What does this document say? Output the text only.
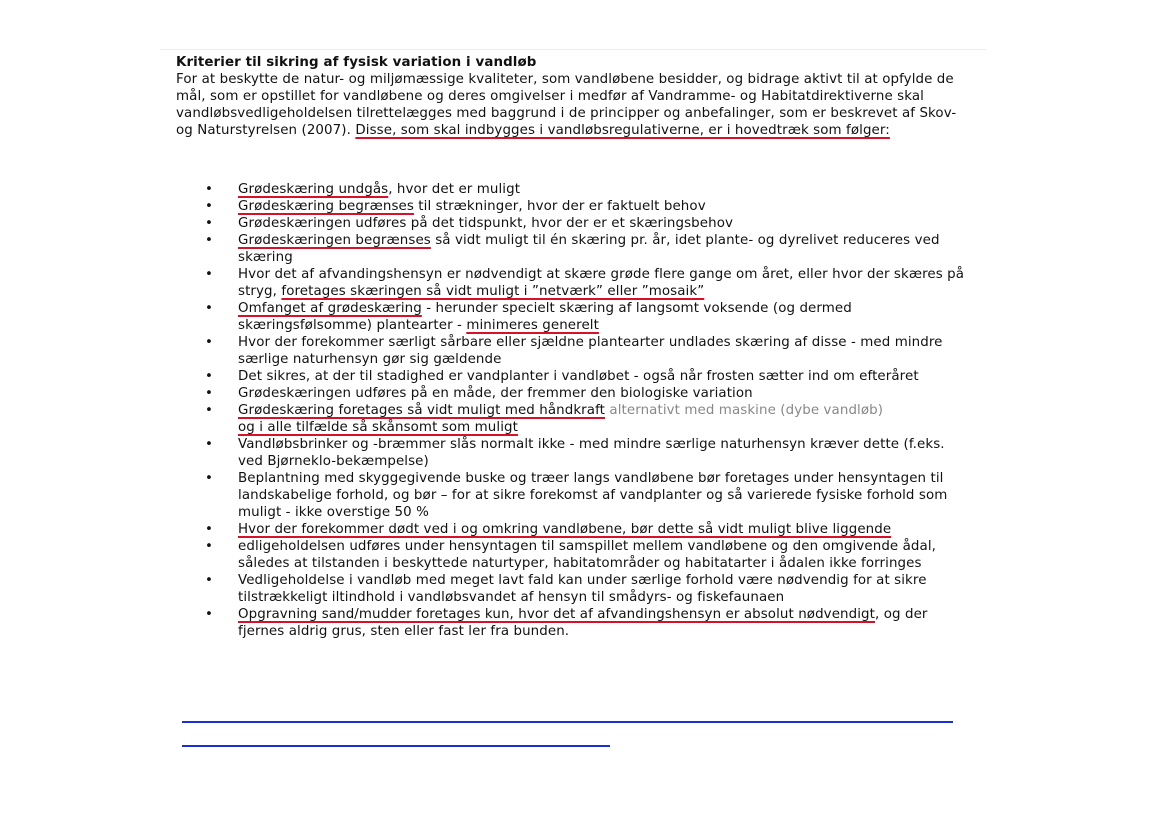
Kriterier til sikring af fysisk variation i vandløb

For at beskytte de natur- og miljømæssige kvaliteter, som vandløbene besidder, og bidrage aktivt til at opfylde de mål, som er opstillet for vandløbene og deres omgivelser i medfør af Vandramme- og Habitatdirektiverne skal vandløbsvedligeholdelsen tilrettelægges med baggrund i de principper og anbefalinger, som er beskrevet af Skov- og Naturstyrelsen (2007). Disse, som skal indbygges i vandløbsregulativerne, er i hovedtræk som følger:

• Grødeskæring undgås, hvor det er muligt
• Grødeskæring begrænses til strækninger, hvor der er faktuelt behov
• Grødeskæringen udføres på det tidspunkt, hvor der er et skæringsbehov
• Grødeskæringen begrænses så vidt muligt til én skæring pr. år, idet plante- og dyrelivet reduceres ved skæring
• Hvor det af afvandingshensyn er nødvendigt at skære grøde flere gange om året, eller hvor der skæres på stryg, foretages skæringen så vidt muligt i ”netværk” eller ”mosaik”
• Omfanget af grødeskæring - herunder specielt skæring af langsomt voksende (og dermed skæringsfølsomme) plantearter - minimeres generelt
• Hvor der forekommer særligt sårbare eller sjældne plantearter undlades skæring af disse - med mindre særlige naturhensyn gør sig gældende
• Det sikres, at der til stadighed er vandplanter i vandløbet - også når frosten sætter ind om efteråret
• Grødeskæringen udføres på en måde, der fremmer den biologiske variation
• Grødeskæring foretages så vidt muligt med håndkraft alternativt med maskine (dybe vandløb)
og i alle tilfælde så skånsomt som muligt
• Vandløbsbrinker og -bræmmer slås normalt ikke - med mindre særlige naturhensyn kræver dette (f.eks. ved Bjørneklo-bekæmpelse)
• Beplantning med skyggegivende buske og træer langs vandløbene bør foretages under hensyntagen til landskabelige forhold, og bør – for at sikre forekomst af vandplanter og så varierede fysiske forhold som muligt - ikke overstige 50 %
• Hvor der forekommer dødt ved i og omkring vandløbene, bør dette så vidt muligt blive liggende
• edligeholdelsen udføres under hensyntagen til samspillet mellem vandløbene og den omgivende ådal, således at tilstanden i beskyttede naturtyper, habitatområder og habitatarter i ådalen ikke forringes
• Vedligeholdelse i vandløb med meget lavt fald kan under særlige forhold være nødvendig for at sikre tilstrækkeligt iltindhold i vandløbsvandet af hensyn til smådyrs- og fiskefaunaen
• Opgravning sand/mudder foretages kun, hvor det af afvandingshensyn er absolut nødvendigt, og der fjernes aldrig grus, sten eller fast ler fra bunden.
